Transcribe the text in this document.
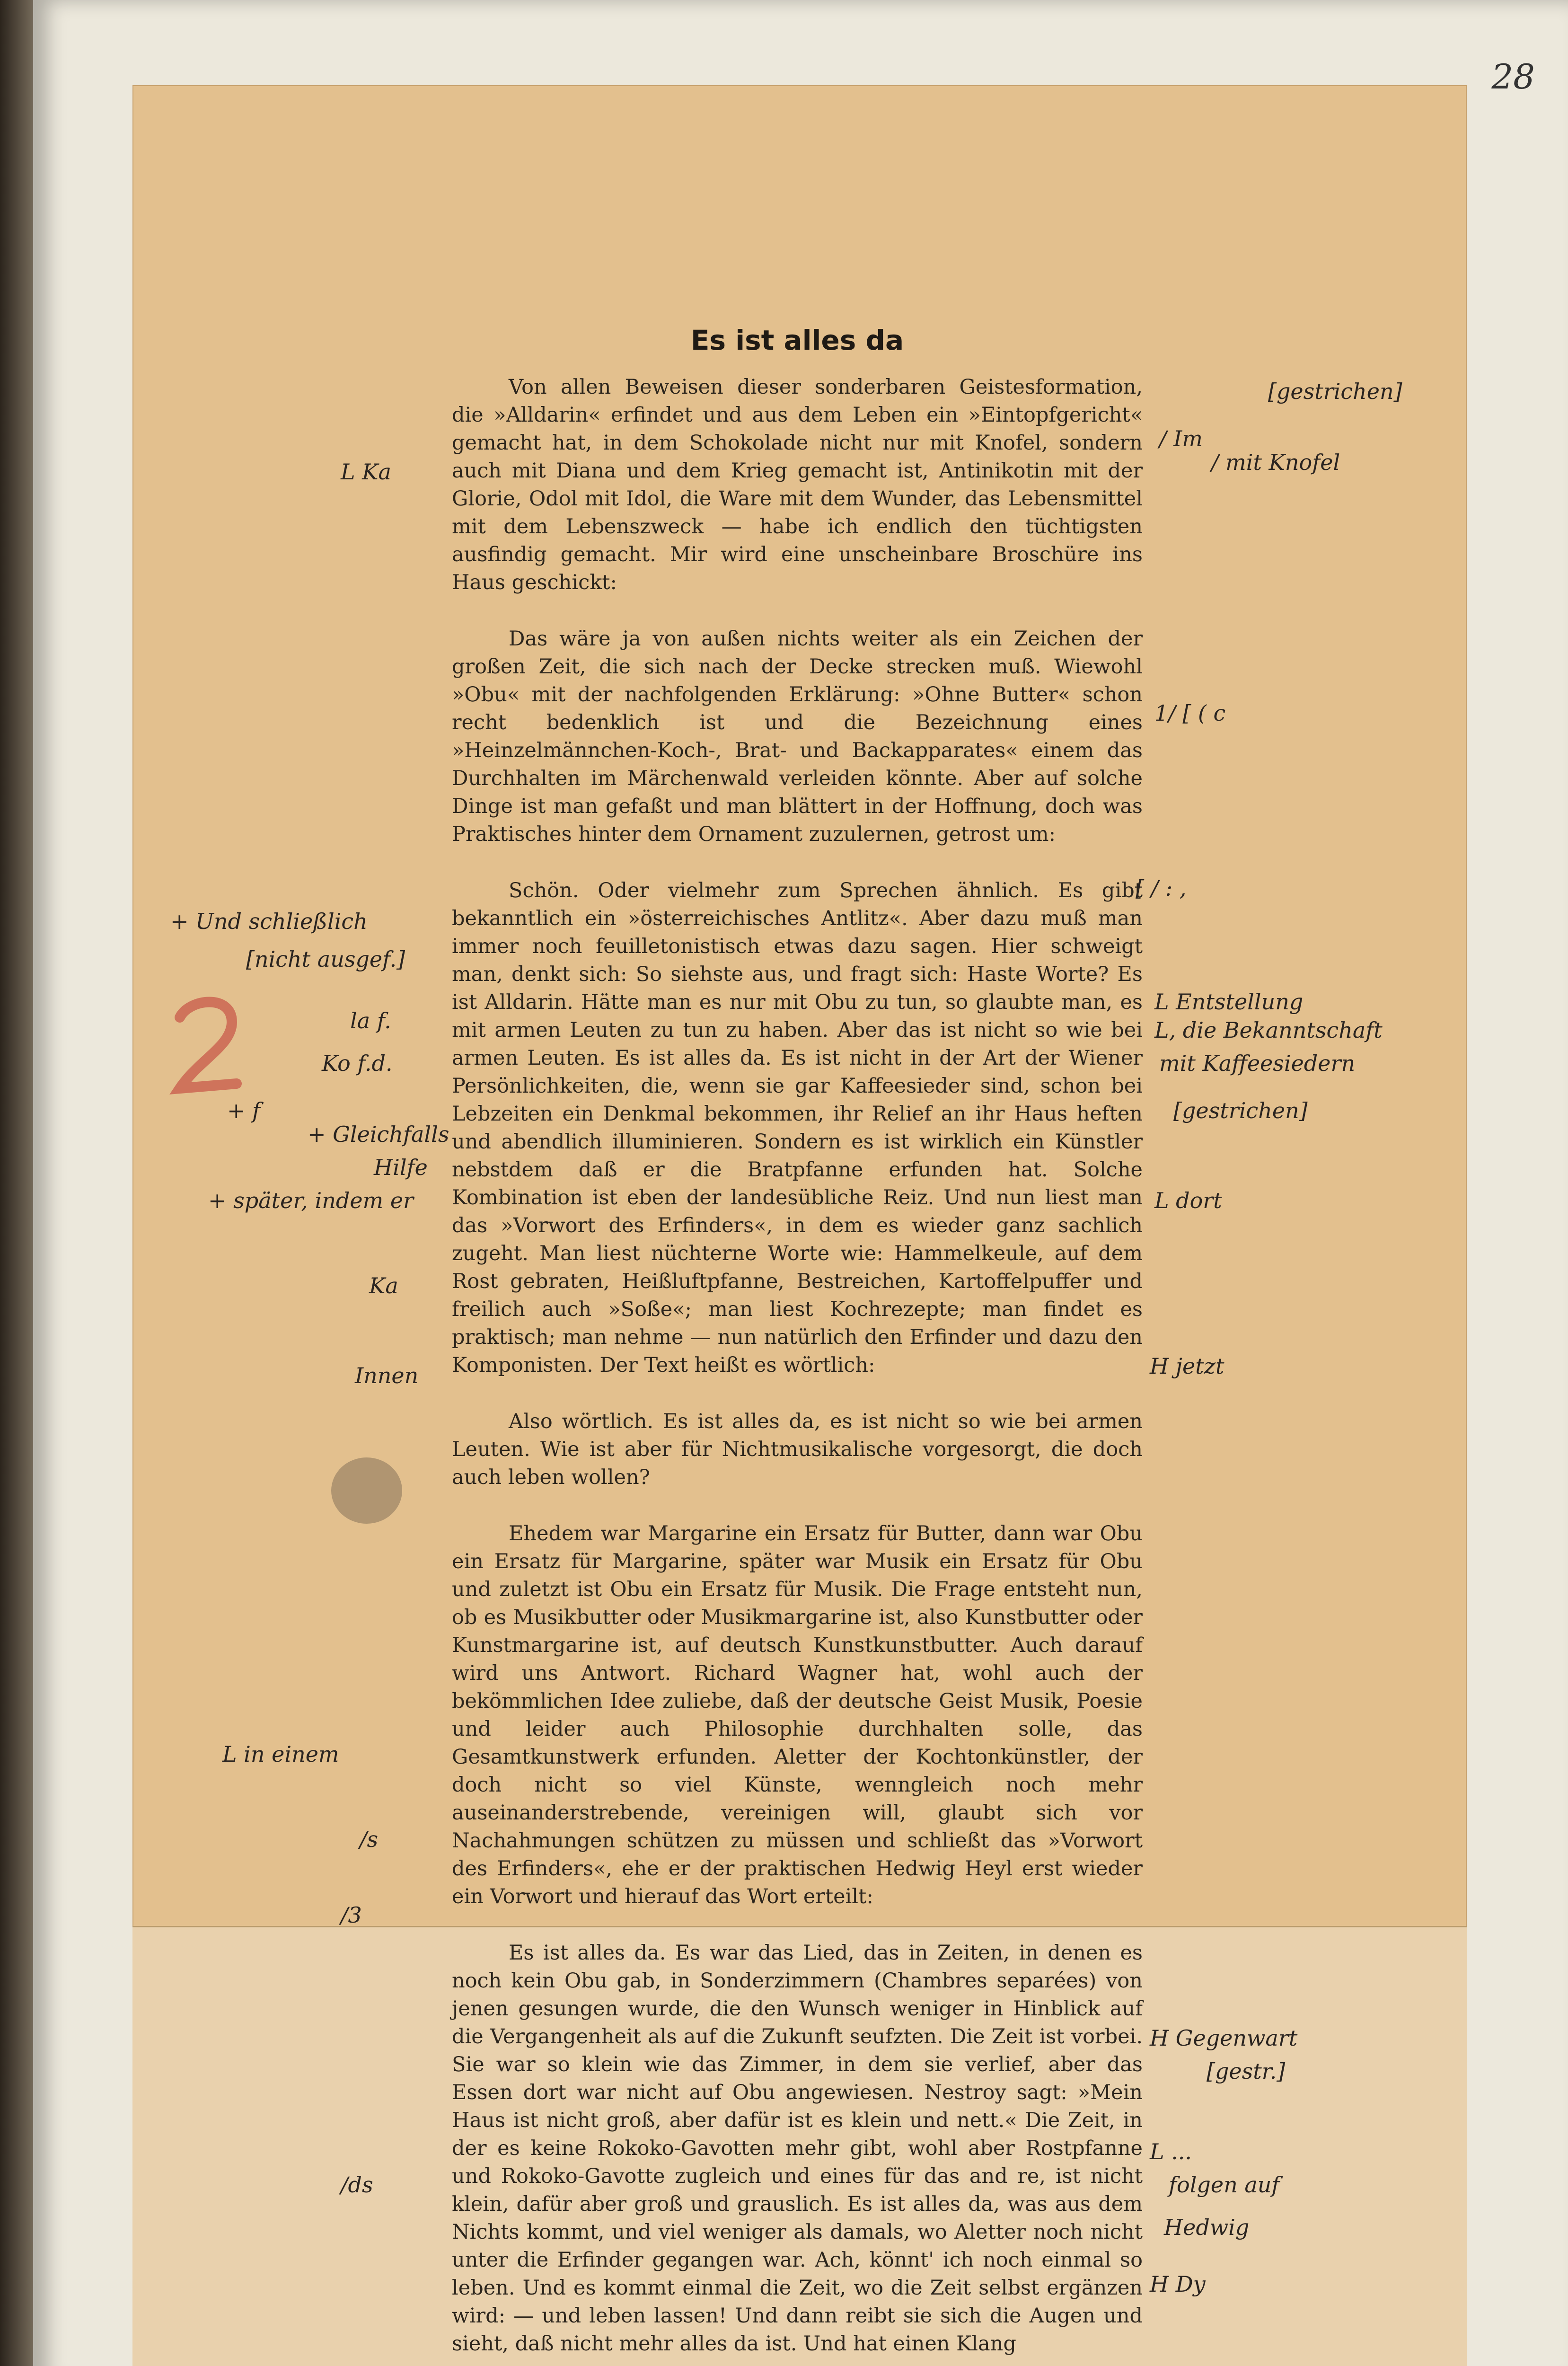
28
Es ist alles da

Von allen Beweisen dieser sonderbaren Geistesformation, die »Alldarin« erfindet und aus dem Leben ein »Eintopfgericht« gemacht hat, in dem Schokolade nicht nur mit Knofel, sondern auch mit Diana und dem Krieg gemacht ist, Antinikotin mit der Glorie, Odol mit Idol, die Ware mit dem Wunder, das Lebensmittel mit dem Lebenszweck — habe ich endlich den tüchtigsten ausfindig gemacht. Mir wird eine unscheinbare Broschüre ins Haus geschickt:

Das wäre ja von außen nichts weiter als ein Zeichen der großen Zeit, die sich nach der Decke strecken muß. Wiewohl »Obu« mit der nachfolgenden Erklärung: »Ohne Butter« schon recht bedenklich ist und die Bezeichnung eines »Heinzelmännchen-Koch-, Brat- und Backapparates« einem das Durchhalten im Märchenwald verleiden könnte. Aber auf solche Dinge ist man gefaßt und man blättert in der Hoffnung, doch was Praktisches hinter dem Ornament zuzulernen, getrost um:

Schön. Oder vielmehr zum Sprechen ähnlich. Es gibt bekanntlich ein »österreichisches Antlitz«. Aber dazu muß man immer noch feuilletonistisch etwas dazu sagen. Hier schweigt man, denkt sich: So siehste aus, und fragt sich: Haste Worte? Es ist Alldarin. Hätte man es nur mit Obu zu tun, so glaubte man, es mit armen Leuten zu tun zu haben. Aber das ist nicht so wie bei armen Leuten. Es ist alles da. Es ist nicht in der Art der Wiener Persönlichkeiten, die, wenn sie gar Kaffeesieder sind, schon bei Lebzeiten ein Denkmal bekommen, ihr Relief an ihr Haus heften und abendlich illuminieren. Sondern es ist wirklich ein Künstler nebstdem daß er die Bratpfanne erfunden hat. Solche Kombination ist eben der landesübliche Reiz. Und nun liest man das »Vorwort des Erfinders«, in dem es wieder ganz sachlich zugeht. Man liest nüchterne Worte wie: Hammelkeule, auf dem Rost gebraten, Heißluftpfanne, Bestreichen, Kartoffelpuffer und freilich auch »Soße«; man liest Kochrezepte; man findet es praktisch; man nehme — nun natürlich den Erfinder und dazu den Komponisten. Der Text heißt es wörtlich:

Also wörtlich. Es ist alles da, es ist nicht so wie bei armen Leuten. Wie ist aber für Nichtmusikalische vorgesorgt, die doch auch leben wollen?

Ehedem war Margarine ein Ersatz für Butter, dann war Obu ein Ersatz für Margarine, später war Musik ein Ersatz für Obu und zuletzt ist Obu ein Ersatz für Musik. Die Frage entsteht nun, ob es Musikbutter oder Musikmargarine ist, also Kunstbutter oder Kunstmargarine ist, auf deutsch Kunstkunstbutter. Auch darauf wird uns Antwort. Richard Wagner hat, wohl auch der bekömmlichen Idee zuliebe, daß der deutsche Geist Musik, Poesie und leider auch Philosophie durchhalten solle, das Gesamtkunstwerk erfunden. Aletter der Kochtonkünstler, der doch nicht so viel Künste, wenngleich noch mehr auseinanderstrebende, vereinigen will, glaubt sich vor Nachahmungen schützen zu müssen und schließt das »Vorwort des Erfinders«, ehe er der praktischen Hedwig Heyl erst wieder ein Vorwort und hierauf das Wort erteilt:

Es ist alles da. Es war das Lied, das in Zeiten, in denen es noch kein Obu gab, in Sonderzimmern (Chambres separées) von jenen gesungen wurde, die den Wunsch weniger in Hinblick auf die Vergangenheit als auf die Zukunft seufzten. Die Zeit ist vorbei. Sie war so klein wie das Zimmer, in dem sie verlief, aber das Essen dort war nicht auf Obu angewiesen. Nestroy sagt: »Mein Haus ist nicht groß, aber dafür ist es klein und nett.« Die Zeit, in der es keine Rokoko-Gavotten mehr gibt, wohl aber Rostpfanne und Rokoko-Gavotte zugleich und eines für das and re, ist nicht klein, dafür aber groß und grauslich. Es ist alles da, was aus dem Nichts kommt, und viel weniger als damals, wo Aletter noch nicht unter die Erfinder gegangen war. Ach, könnt' ich noch einmal so leben. Und es kommt einmal die Zeit, wo die Zeit selbst ergänzen wird: — und leben lassen! Und dann reibt sie sich die Augen und sieht, daß nicht mehr alles da ist. Und hat einen Klang

L Ka
+ Und schließlich
[nicht ausgef.]
la f.
Ko f.d.
+ f
+ Gleichfalls
Hilfe
+ später, indem er
Ka
Innen
L in einem
/s
/3
/ds
[gestrichen]
/ Im
/ mit Knofel
1/ [ ( c
[ / : ,
L Entstellung
L, die Bekanntschaft
mit Kaffeesiedern
[gestrichen]
L dort
H jetzt
H Gegenwart
[gestr.]
L ...
folgen auf
Hedwig
H Dy
